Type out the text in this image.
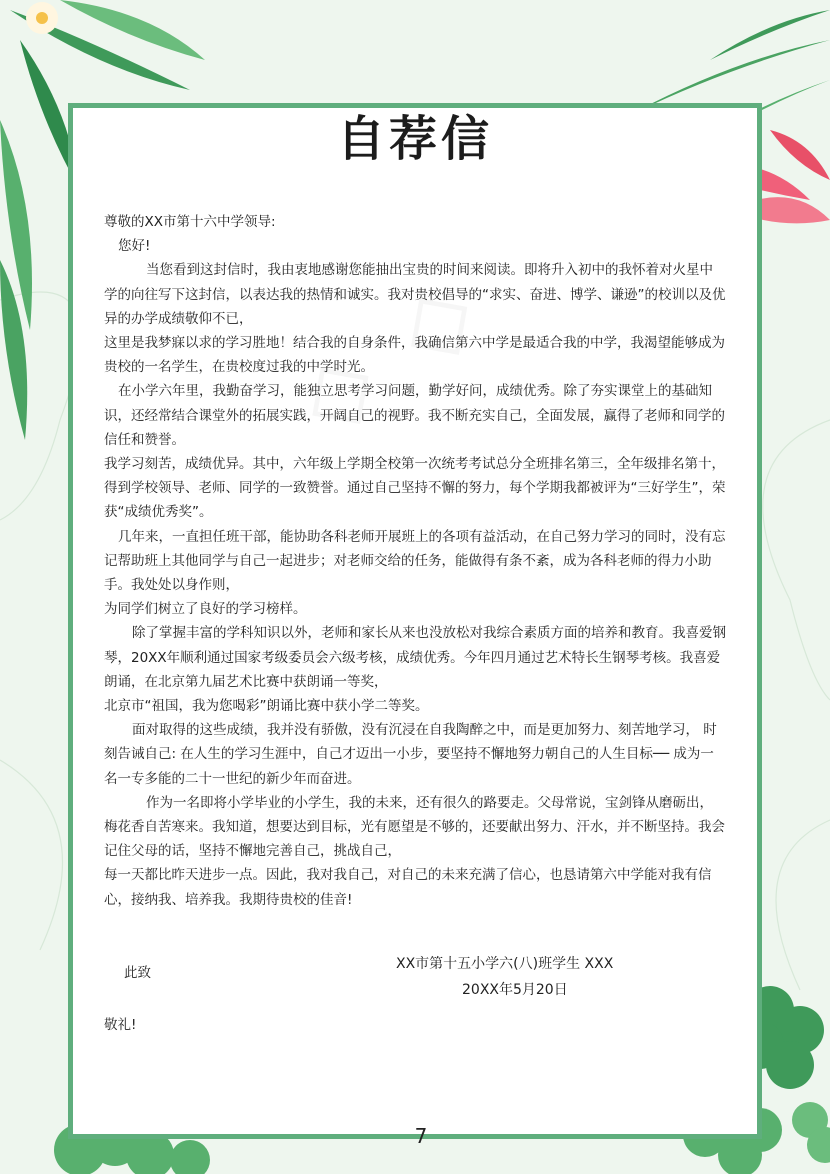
自荐信

尊敬的XX市第十六中学领导:

您好!

当您看到这封信时，我由衷地感谢您能抽出宝贵的时间来阅读。即将升入初中的我怀着对火星中学的向往写下这封信，以表达我的热情和诚实。我对贵校倡导的“求实、奋进、博学、谦逊”的校训以及优异的办学成绩敬仰不已，

这里是我梦寐以求的学习胜地！结合我的自身条件，我确信第六中学是最适合我的中学，我渴望能够成为贵校的一名学生，在贵校度过我的中学时光。

在小学六年里，我勤奋学习，能独立思考学习问题，勤学好问，成绩优秀。除了夯实课堂上的基础知识，还经常结合课堂外的拓展实践，开阔自己的视野。我不断充实自己，全面发展，赢得了老师和同学的信任和赞誉。

我学习刻苦，成绩优异。其中，六年级上学期全校第一次统考考试总分全班排名第三，全年级排名第十，得到学校领导、老师、同学的一致赞誉。通过自己坚持不懈的努力，每个学期我都被评为“三好学生”，荣获“成绩优秀奖”。

几年来，一直担任班干部，能协助各科老师开展班上的各项有益活动，在自己努力学习的同时，没有忘记帮助班上其他同学与自己一起进步；对老师交给的任务，能做得有条不紊，成为各科老师的得力小助手。我处处以身作则，

为同学们树立了良好的学习榜样。

除了掌握丰富的学科知识以外，老师和家长从来也没放松对我综合素质方面的培养和教育。我喜爱钢琴，20XX年顺利通过国家考级委员会六级考核，成绩优秀。今年四月通过艺术特长生钢琴考核。我喜爱朗诵，在北京第九届艺术比赛中获朗诵一等奖，

北京市“祖国，我为您喝彩”朗诵比赛中获小学二等奖。

面对取得的这些成绩，我并没有骄傲，没有沉浸在自我陶醉之中，而是更加努力、刻苦地学习， 时刻告诫自己: 在人生的学习生涯中，自己才迈出一小步，要坚持不懈地努力朝自己的人生目标── 成为一名一专多能的二十一世纪的新少年而奋进。

作为一名即将小学毕业的小学生，我的未来，还有很久的路要走。父母常说，宝剑锋从磨砺出，梅花香自苦寒来。我知道，想要达到目标，光有愿望是不够的，还要献出努力、汗水，并不断坚持。我会记住父母的话，坚持不懈地完善自己，挑战自己，

每一天都比昨天进步一点。因此，我对我自己，对自己的未来充满了信心，也恳请第六中学能对我有信心，接纳我、培养我。我期待贵校的佳音!

此致
XX市第十五小学六(八)班学生 XXX
20XX年5月20日
敬礼!
7
